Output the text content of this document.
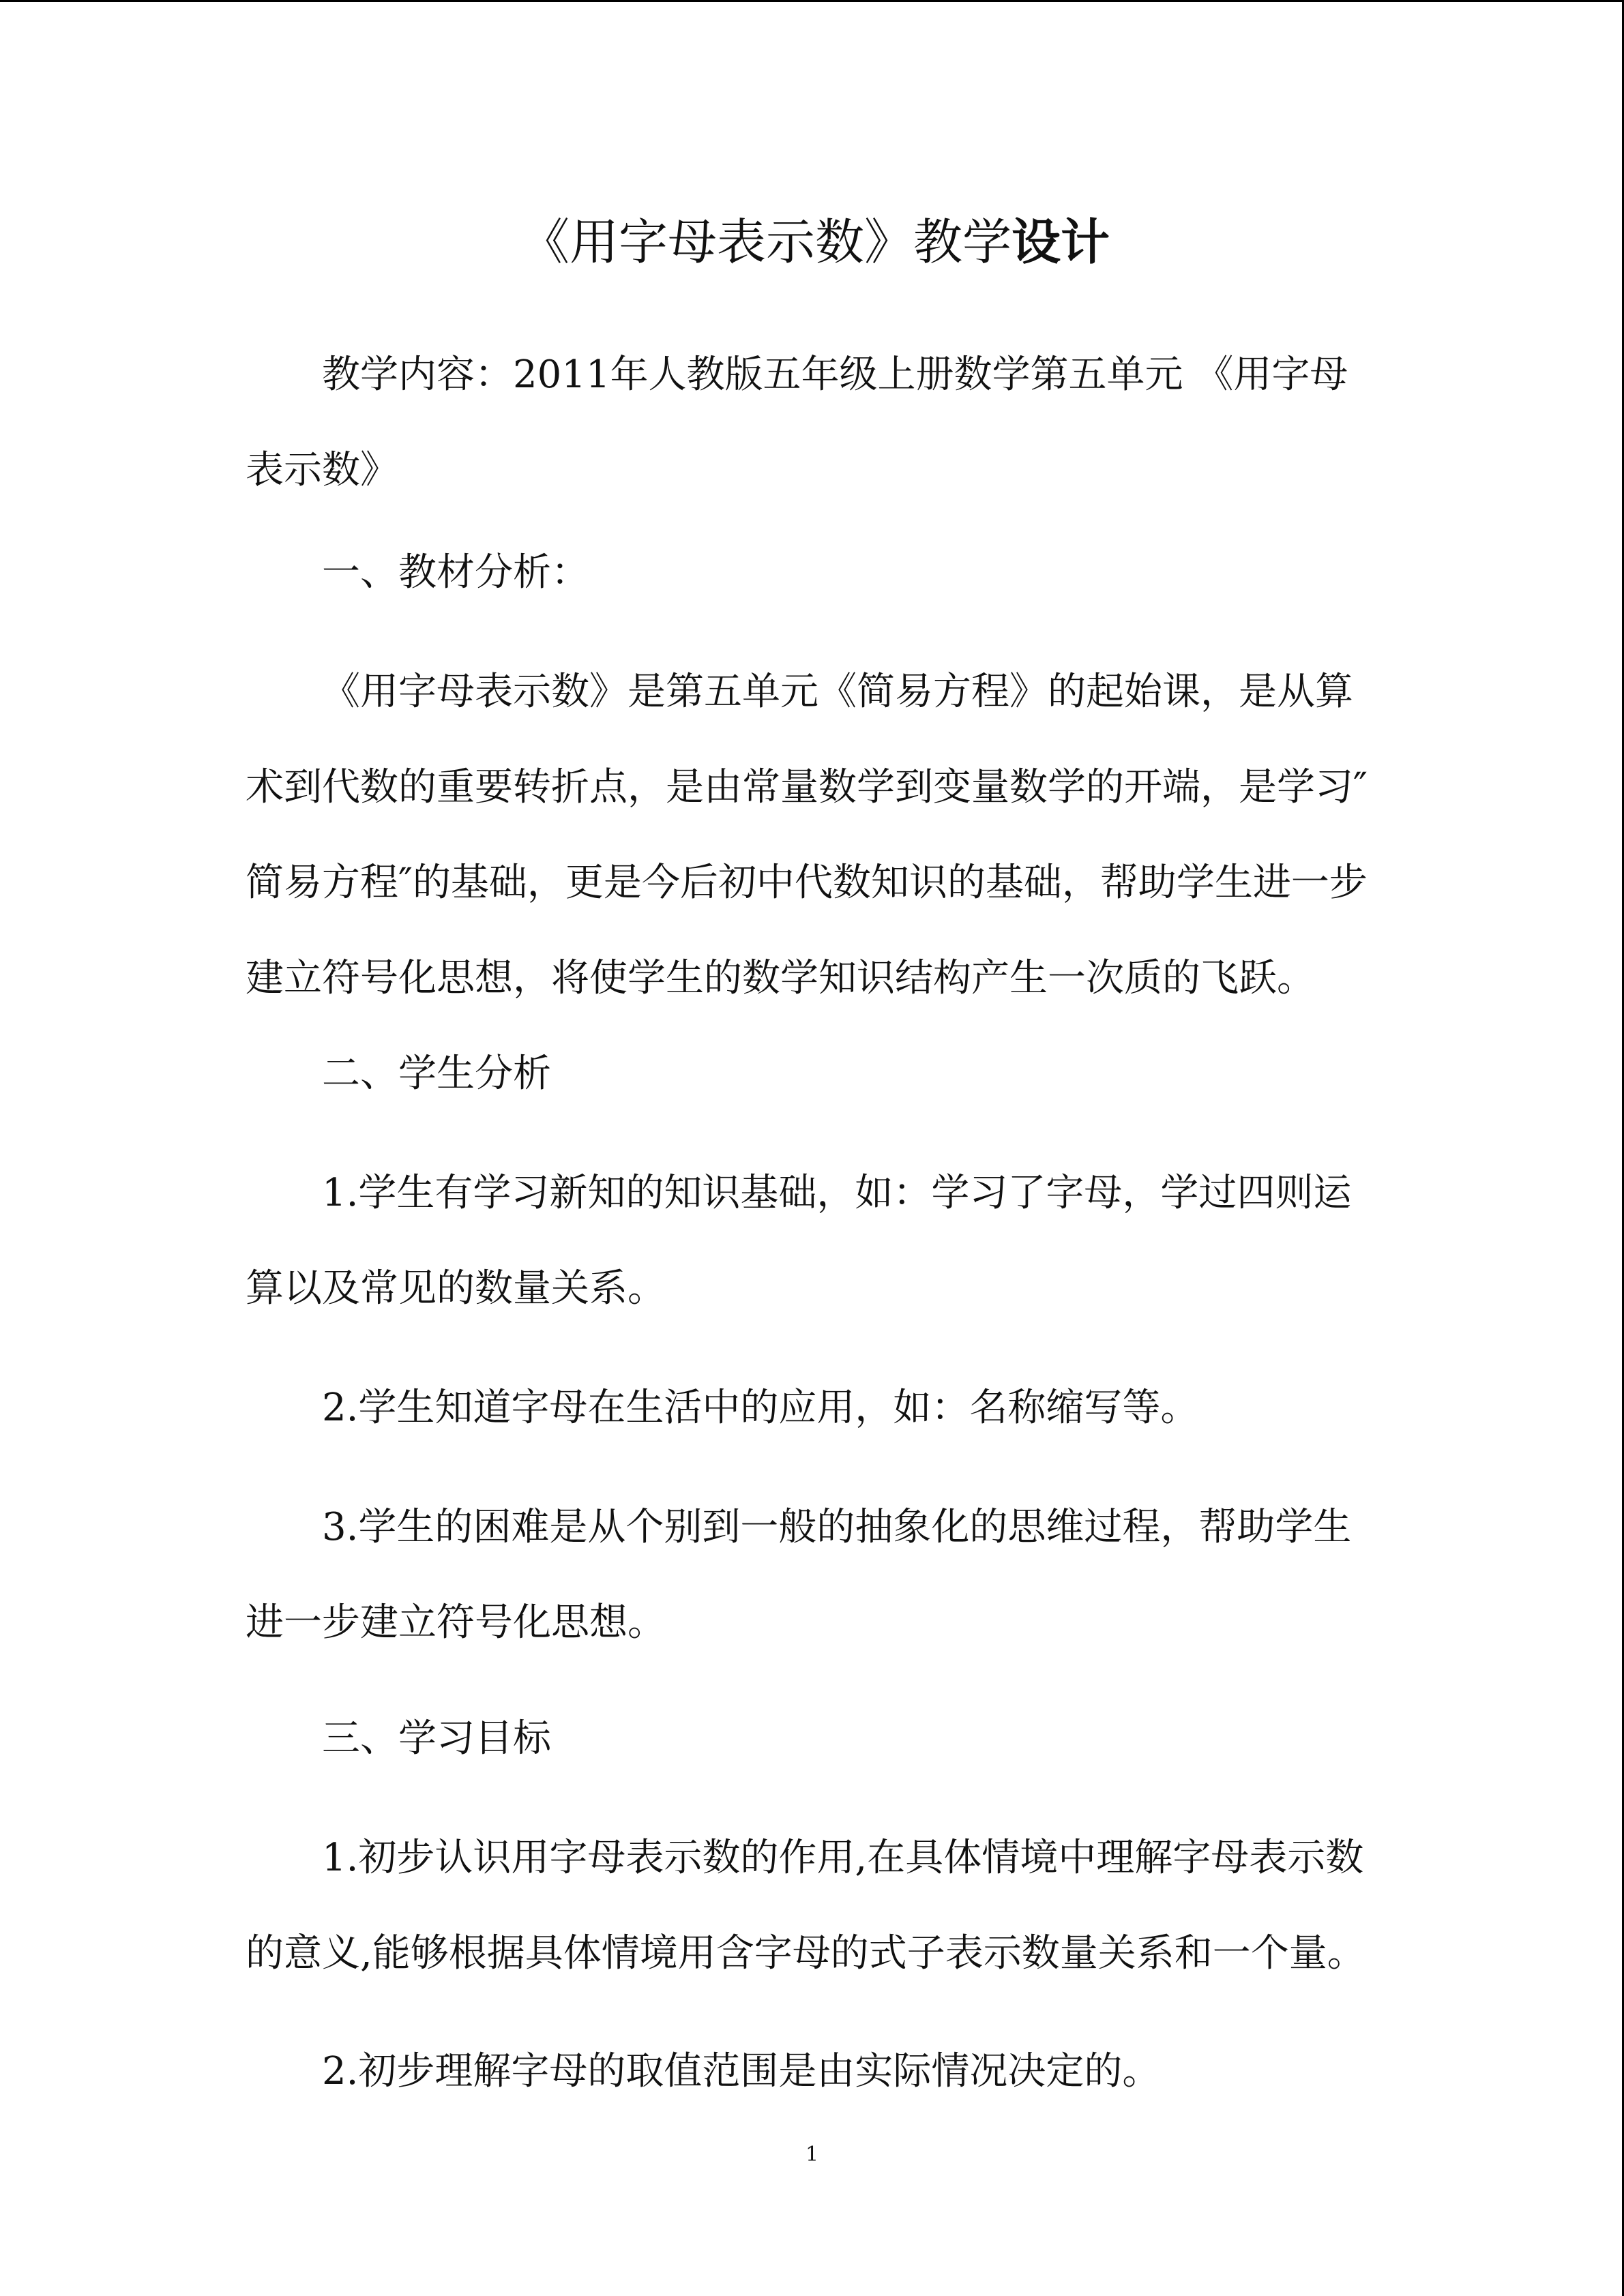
《用字母表示数》教学设计

教学内容：2011年人教版五年级上册数学第五单元 《用字母表示数》

一、教材分析：

《用字母表示数》是第五单元《简易方程》的起始课，是从算术到代数的重要转折点，是由常量数学到变量数学的开端，是学习″简易方程″的基础，更是今后初中代数知识的基础，帮助学生进一步建立符号化思想，将使学生的数学知识结构产生一次质的飞跃。

二、学生分析

1.学生有学习新知的知识基础，如：学习了字母，学过四则运算以及常见的数量关系。

2.学生知道字母在生活中的应用，如：名称缩写等。

3.学生的困难是从个别到一般的抽象化的思维过程，帮助学生进一步建立符号化思想。

三、学习目标

1.初步认识用字母表示数的作用,在具体情境中理解字母表示数的意义,能够根据具体情境用含字母的式子表示数量关系和一个量。

2.初步理解字母的取值范围是由实际情况决定的。

1
